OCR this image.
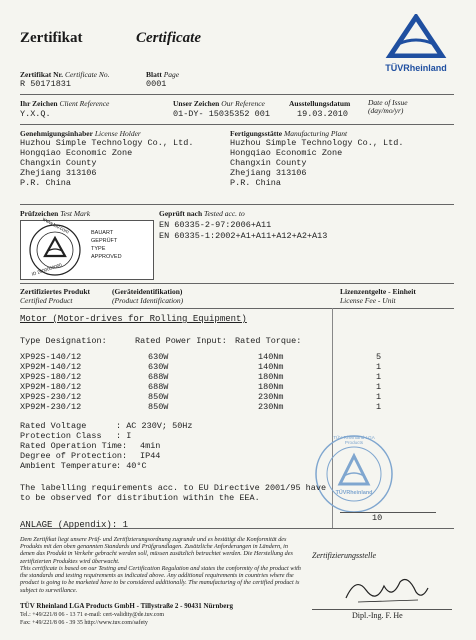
Zertifikat	Certificate
TÜVRheinland
Zertifikat Nr. Certificate No.
R 50171831
Blatt Page
0001
Ihr Zeichen Client Reference
Y.X.Q.
Unser Zeichen Our Reference
01-DY- 15035352 001
Ausstellungsdatum
19.03.2010
Date of Issue
(day/mo/yr)
Genehmigungsinhaber License Holder
Huzhou Simple Technology Co., Ltd.
Hongqiao Economic Zone
Changxin County
Zhejiang 313106
P.R. China
Fertigungsstätte Manufacturing Plant
Huzhou Simple Technology Co., Ltd.
Hongqiao Economic Zone
Changxin County
Zhejiang 313106
P.R. China
Prüfzeichen Test Mark
www.tuv.com
ID 2000000000
BAUART
GEPRÜFT
TYPE
APPROVED
Geprüft nach Tested acc. to
EN 60335-2-97:2006+A11
EN 60335-1:2002+A1+A11+A12+A2+A13
Zertifiziertes Produkt
Certified Product
(Geräteidentifikation)
(Product Identification)
Lizenzentgelte - Einheit
License Fee - Unit
Motor (Motor-drives for Rolling Equipment)
Type Designation:	Rated Power Input: Rated Torque:
XP92S-140/12	630W	140Nm	5
XP92M-140/12	630W	140Nm	1
XP92S-180/12	688W	180Nm	1
XP92M-180/12	688W	180Nm	1
XP92S-230/12	850W	230Nm	1
XP92M-230/12	850W	230Nm	1
Rated Voltage	: AC 230V; 50Hz
Protection Class : I
Rated Operation Time: 4min
Degree of Protection: IP44
Ambient Temperature : 40°C
TÜV Rheinland LGA Products
TÜVRheinland
The labelling requirements acc. to EU Directive 2001/95 have
to be observed for distribution within the EEA.
10
ANLAGE (Appendix): 1
Dem Zertifikat liegt unsere Prüf- und Zertifizierungsordnung zugrunde und es bestätigt die Konformität des Produkts mit den oben genannten Standards und Prüfgrundlagen. Zusätzliche Anforderungen in Ländern, in denen das Produkt in Verkehr gebracht werden soll, müssen zusätzlich betrachtet werden. Die Herstellung des zertifizierten Produktes wird überwacht.
This certificate is based on our Testing and Certification Regulation and states the conformity of the product with the standards and testing requirements as indicated above. Any additional requirements in countries where the product is going to be marketed have to be considered additionally. The manufacturing of the certified product is subject to surveillance.
Zertifizierungsstelle
Dipl.-Ing. F. He
TÜV Rheinland LGA Products GmbH - Tillystraße 2 - 90431 Nürnberg
Tel.: +49/221/8 06 - 13 71 e-mail: cert-validity@de.tuv.com
Fax: +49/221/8 06 - 39 35 http://www.tuv.com/safety
